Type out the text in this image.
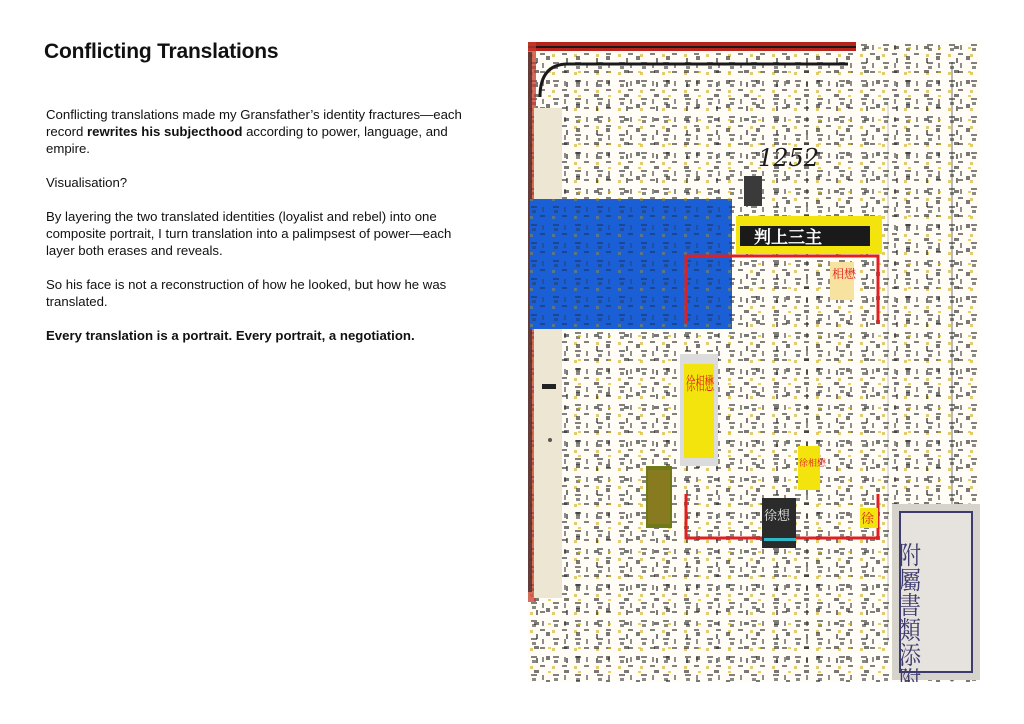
Conflicting Translations

Conflicting translations made my Gransfather’s identity fractures—each record rewrites his subjecthood according to power, language, and empire.

Visualisation?

By layering the two translated identities (loyalist and rebel) into one composite portrait, I turn translation into a palimpsest of power—each layer both erases and reveals.

So his face is not a reconstruction of how he looked, but how he was translated.

Every translation is a portrait. Every portrait, a negotiation.

1252
判上三主
相懋
徐相懋
徐相懋
徐想	徐
附屬書類添附
